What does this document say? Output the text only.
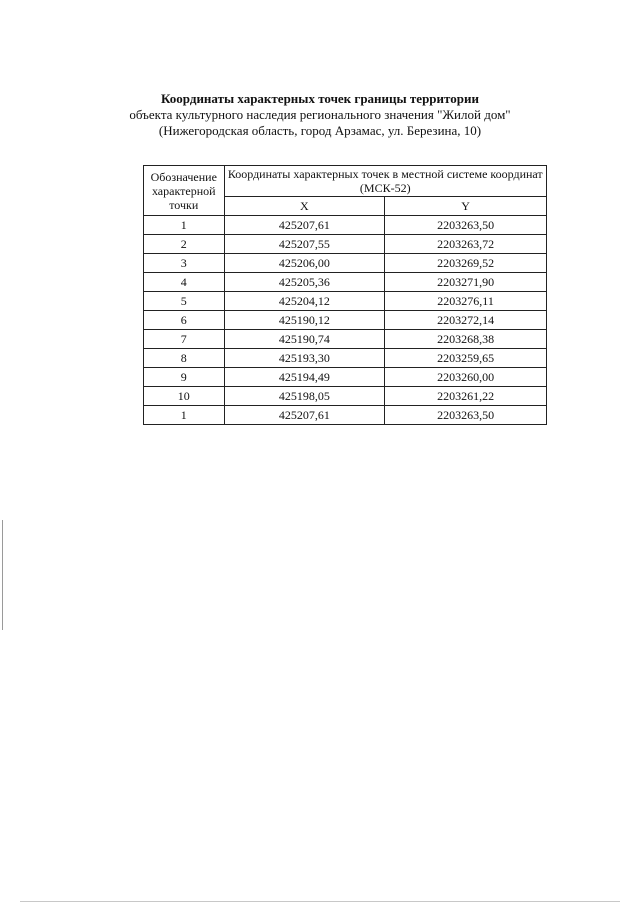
Координаты характерных точек границы территории

объекта культурного наследия регионального значения "Жилой дом"

(Нижегородская область, город Арзамас, ул. Березина, 10)

Обозначение характерной точки	Координаты характерных точек в местной системе координат (МСК-52)	
	X	Y
1	425207,61	2203263,50
2	425207,55	2203263,72
3	425206,00	2203269,52
4	425205,36	2203271,90
5	425204,12	2203276,11
6	425190,12	2203272,14
7	425190,74	2203268,38
8	425193,30	2203259,65
9	425194,49	2203260,00
10	425198,05	2203261,22
1	425207,61	2203263,50
